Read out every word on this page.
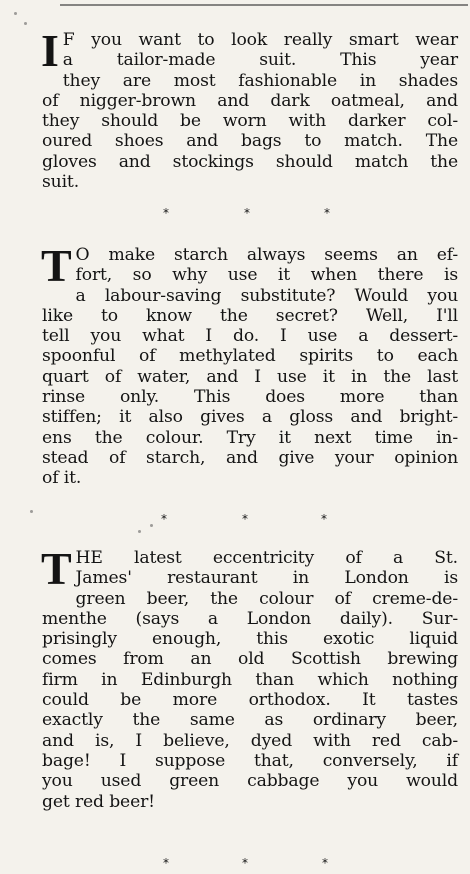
I F you want to look really smart wear
a tailor-made suit. This year
they are most fashionable in shades
of nigger-brown and dark oatmeal, and
they should be worn with darker col-
oured shoes and bags to match. The
gloves and stockings should match the
suit.

*	*	*

T O make starch always seems an ef-
fort, so why use it when there is
a labour-saving substitute? Would you
like to know the secret? Well, I'll
tell you what I do. I use a dessert-
spoonful of methylated spirits to each
quart of water, and I use it in the last
rinse only. This does more than
stiffen; it also gives a gloss and bright-
ens the colour. Try it next time in-
stead of starch, and give your opinion
of it.

*	*	*

T HE latest eccentricity of a St.
James' restaurant in London is
green beer, the colour of creme-de-
menthe (says a London daily). Sur-
prisingly enough, this exotic liquid
comes from an old Scottish brewing
firm in Edinburgh than which nothing
could be more orthodox. It tastes
exactly the same as ordinary beer,
and is, I believe, dyed with red cab-
bage! I suppose that, conversely, if
you used green cabbage you would
get red beer!

*	*	*
